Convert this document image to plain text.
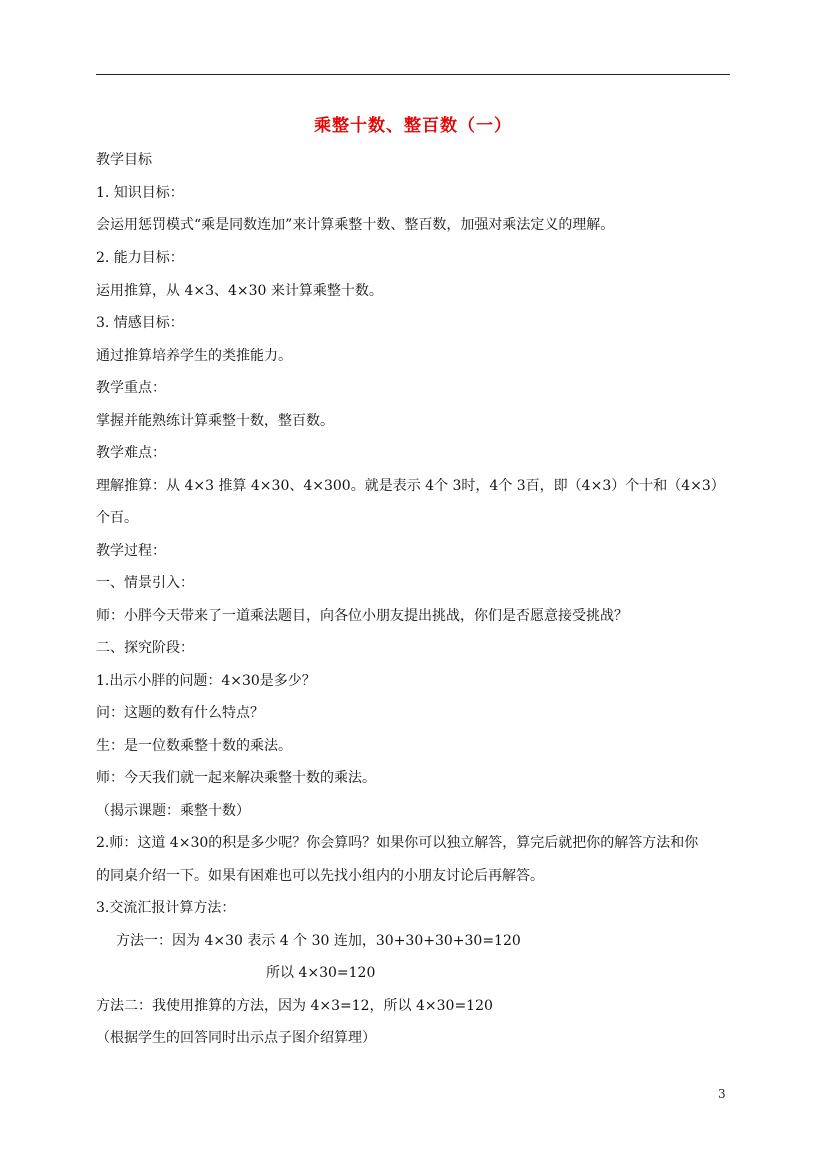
乘整十数、整百数（一）
教学目标
1. 知识目标：
会运用惩罚模式“乘是同数连加”来计算乘整十数、整百数，加强对乘法定义的理解。
2. 能力目标：
运用推算，从 4×3、4×30 来计算乘整十数。
3. 情感目标：
通过推算培养学生的类推能力。
教学重点：
掌握并能熟练计算乘整十数，整百数。
教学难点：
理解推算：从 4×3 推算 4×30、4×300。就是表示 4个 3时，4个 3百，即（4×3）个十和（4×3）
个百。
教学过程：
一、情景引入：
师：小胖今天带来了一道乘法题目，向各位小朋友提出挑战，你们是否愿意接受挑战？
二、探究阶段：
1.出示小胖的问题：4×30是多少？
问：这题的数有什么特点？
生：是一位数乘整十数的乘法。
师：今天我们就一起来解决乘整十数的乘法。
（揭示课题：乘整十数）
2.师：这道 4×30的积是多少呢？你会算吗？如果你可以独立解答，算完后就把你的解答方法和你
的同桌介绍一下。如果有困难也可以先找小组内的小朋友讨论后再解答。
3.交流汇报计算方法：
方法一：因为 4×30 表示 4 个 30 连加，30+30+30+30=120
所以 4×30=120
方法二：我使用推算的方法，因为 4×3=12，所以 4×30=120
（根据学生的回答同时出示点子图介绍算理）
3
